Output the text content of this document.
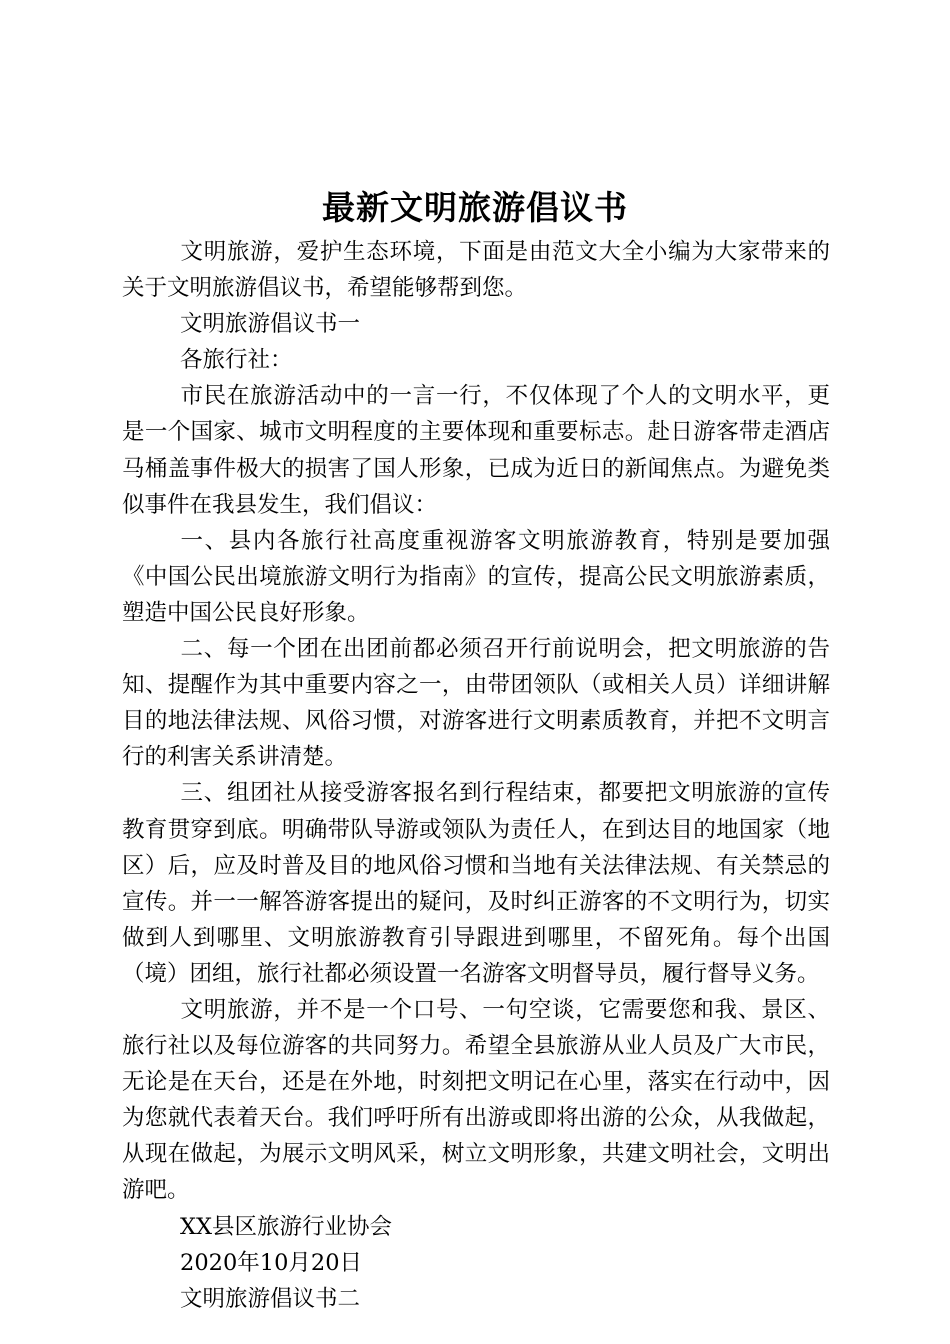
最新文明旅游倡议书

文明旅游，爱护生态环境，下面是由范文大全小编为大家带来的关于文明旅游倡议书，希望能够帮到您。

文明旅游倡议书一

各旅行社：

市民在旅游活动中的一言一行，不仅体现了个人的文明水平，更是一个国家、城市文明程度的主要体现和重要标志。赴日游客带走酒店马桶盖事件极大的损害了国人形象，已成为近日的新闻焦点。为避免类似事件在我县发生，我们倡议：

一、县内各旅行社高度重视游客文明旅游教育，特别是要加强《中国公民出境旅游文明行为指南》的宣传，提高公民文明旅游素质，塑造中国公民良好形象。

二、每一个团在出团前都必须召开行前说明会，把文明旅游的告知、提醒作为其中重要内容之一，由带团领队（或相关人员）详细讲解目的地法律法规、风俗习惯，对游客进行文明素质教育，并把不文明言行的利害关系讲清楚。

三、组团社从接受游客报名到行程结束，都要把文明旅游的宣传教育贯穿到底。明确带队导游或领队为责任人，在到达目的地国家（地区）后，应及时普及目的地风俗习惯和当地有关法律法规、有关禁忌的宣传。并一一解答游客提出的疑问，及时纠正游客的不文明行为，切实做到人到哪里、文明旅游教育引导跟进到哪里，不留死角。每个出国（境）团组，旅行社都必须设置一名游客文明督导员，履行督导义务。

文明旅游，并不是一个口号、一句空谈，它需要您和我、景区、旅行社以及每位游客的共同努力。希望全县旅游从业人员及广大市民，无论是在天台，还是在外地，时刻把文明记在心里，落实在行动中，因为您就代表着天台。我们呼吁所有出游或即将出游的公众，从我做起，从现在做起，为展示文明风采，树立文明形象，共建文明社会，文明出游吧。

XX县区旅游行业协会

2020年10月20日

文明旅游倡议书二
